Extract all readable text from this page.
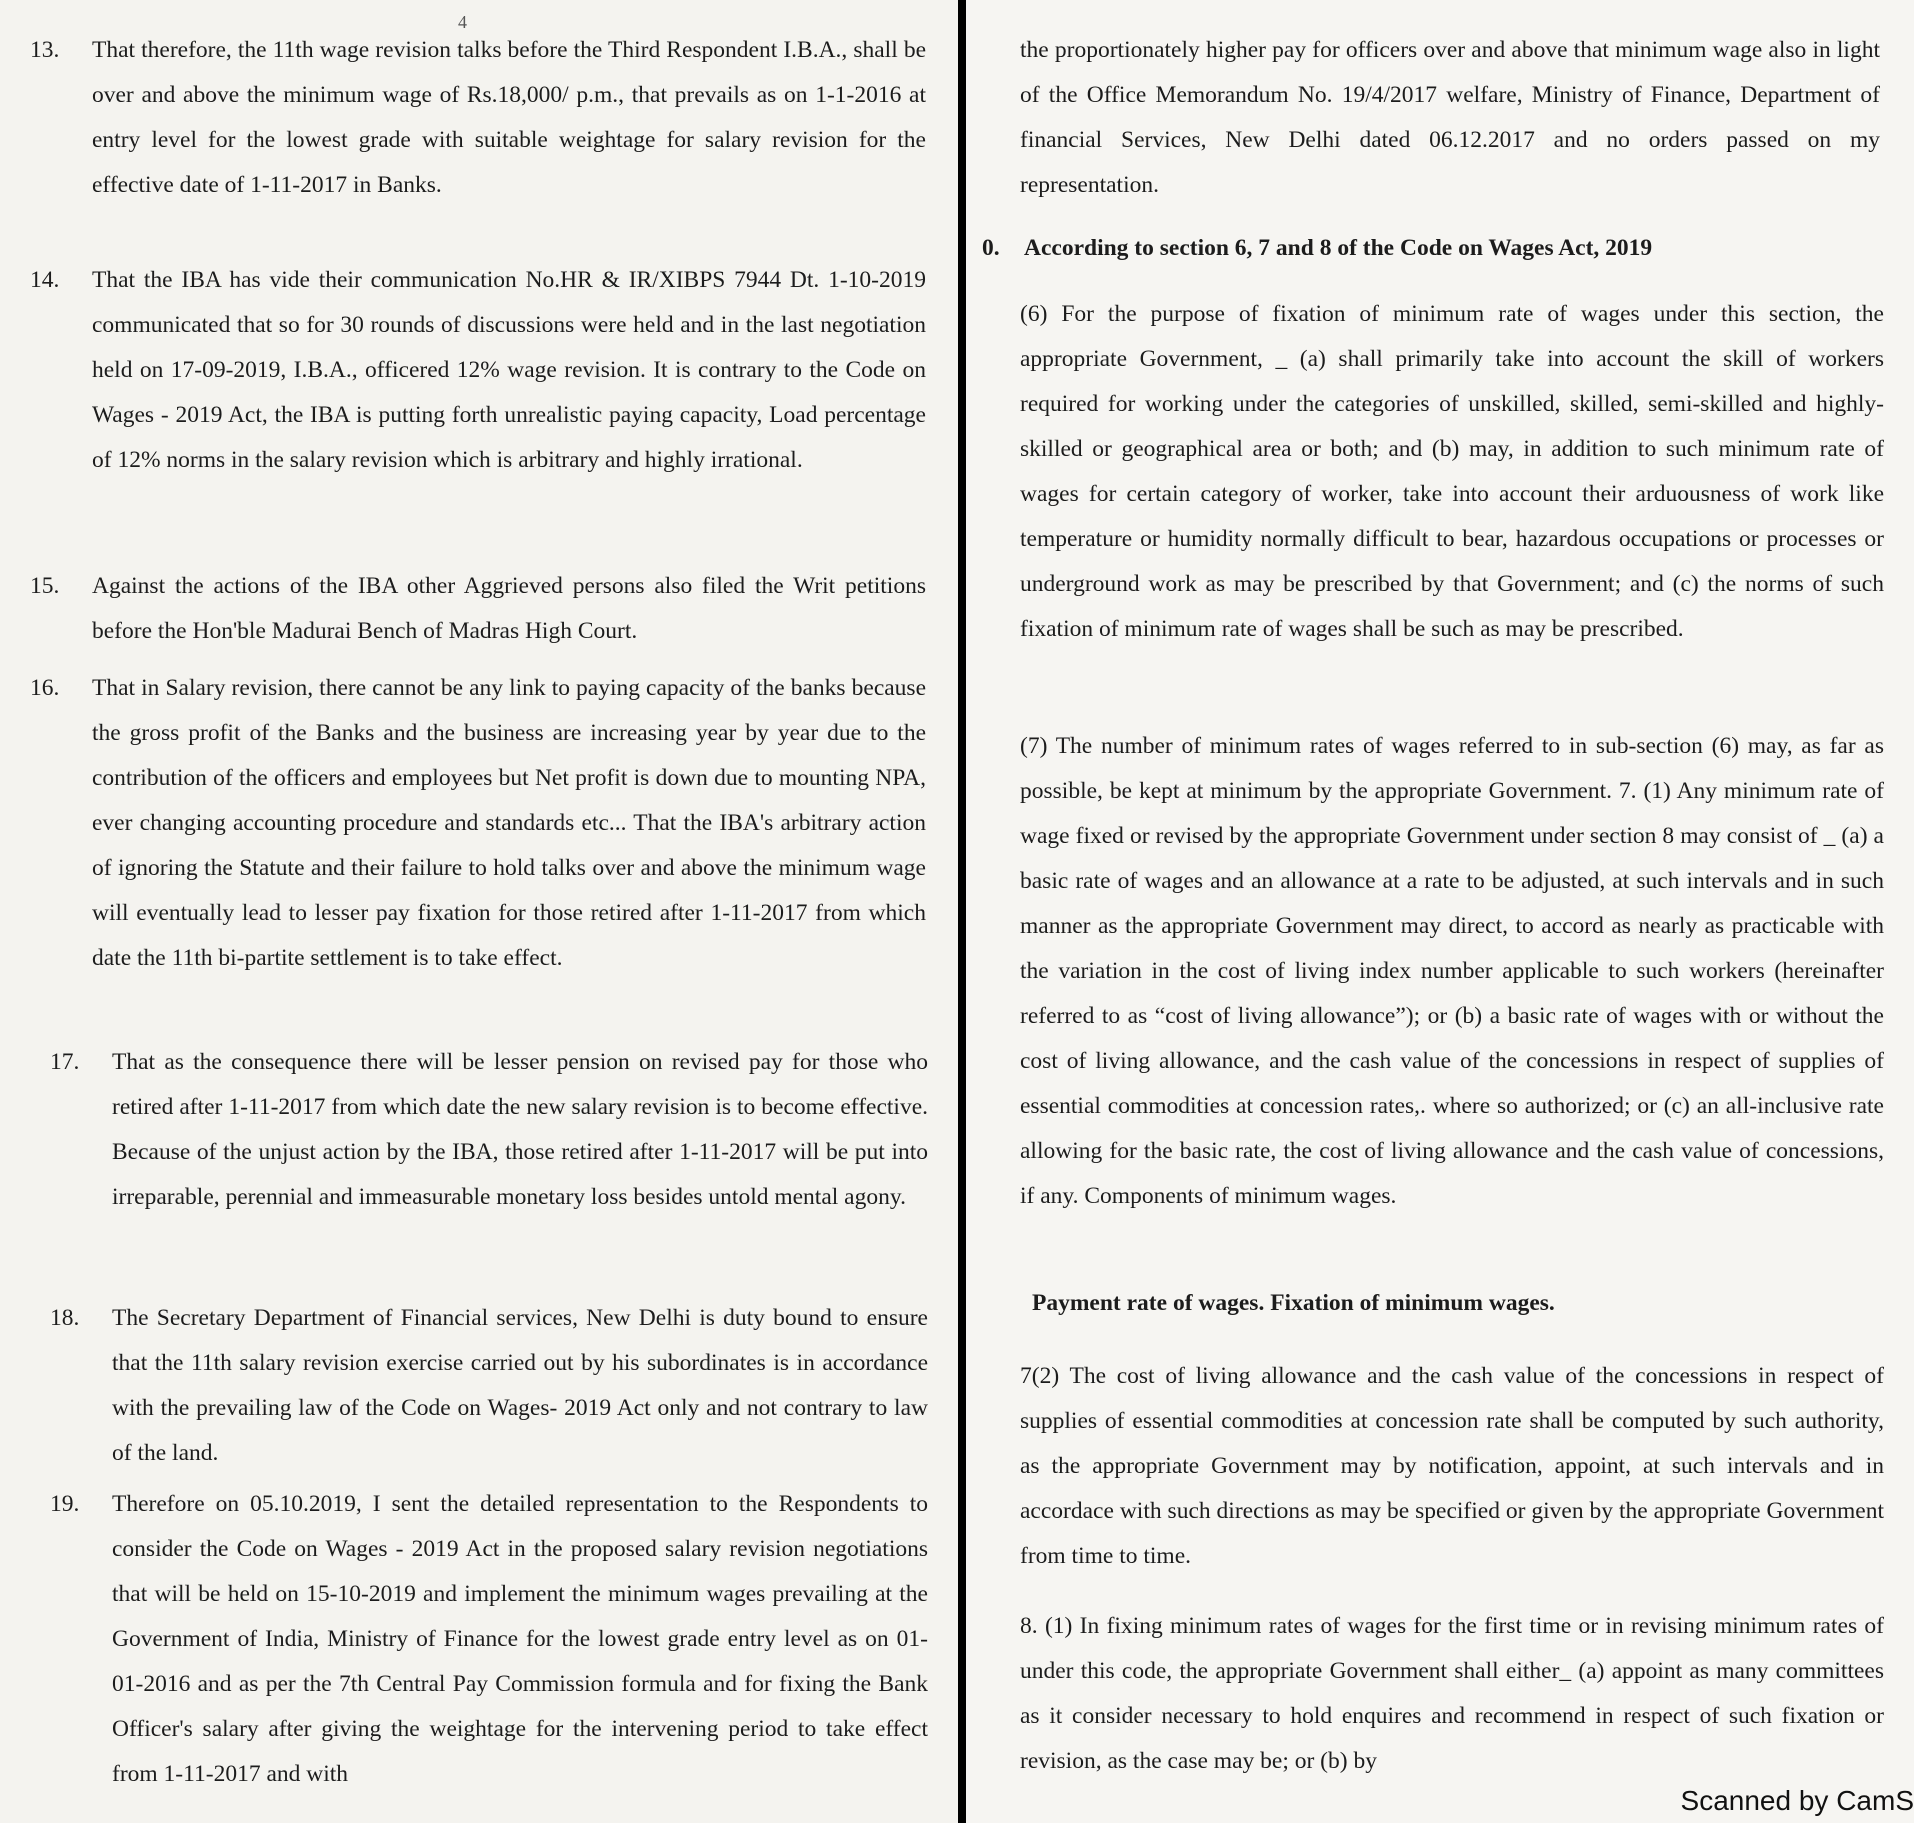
4
13. That therefore, the 11th wage revision talks before the Third Respondent I.B.A., shall be over and above the minimum wage of Rs.18,000/ p.m., that prevails as on 1-1-2016 at entry level for the lowest grade with suitable weightage for salary revision for the effective date of 1-11-2017 in Banks.
14. That the IBA has vide their communication No.HR & IR/XIBPS 7944 Dt. 1-10-2019 communicated that so for 30 rounds of discussions were held and in the last negotiation held on 17-09-2019, I.B.A., officered 12% wage revision. It is contrary to the Code on Wages - 2019 Act, the IBA is putting forth unrealistic paying capacity, Load percentage of 12% norms in the salary revision which is arbitrary and highly irrational.
15. Against the actions of the IBA other Aggrieved persons also filed the Writ petitions before the Hon'ble Madurai Bench of Madras High Court.
16. That in Salary revision, there cannot be any link to paying capacity of the banks because the gross profit of the Banks and the business are increasing year by year due to the contribution of the officers and employees but Net profit is down due to mounting NPA, ever changing accounting procedure and standards etc... That the IBA's arbitrary action of ignoring the Statute and their failure to hold talks over and above the minimum wage will eventually lead to lesser pay fixation for those retired after 1-11-2017 from which date the 11th bi-partite settlement is to take effect.
17. That as the consequence there will be lesser pension on revised pay for those who retired after 1-11-2017 from which date the new salary revision is to become effective. Because of the unjust action by the IBA, those retired after 1-11-2017 will be put into irreparable, perennial and immeasurable monetary loss besides untold mental agony.
18. The Secretary Department of Financial services, New Delhi is duty bound to ensure that the 11th salary revision exercise carried out by his subordinates is in accordance with the prevailing law of the Code on Wages- 2019 Act only and not contrary to law of the land.
19. Therefore on 05.10.2019, I sent the detailed representation to the Respondents to consider the Code on Wages - 2019 Act in the proposed salary revision negotiations that will be held on 15-10-2019 and implement the minimum wages prevailing at the Government of India, Ministry of Finance for the lowest grade entry level as on 01-01-2016 and as per the 7th Central Pay Commission formula and for fixing the Bank Officer's salary after giving the weightage for the intervening period to take effect from 1-11-2017 and with
the proportionately higher pay for officers over and above that minimum wage also in light of the Office Memorandum No. 19/4/2017 welfare, Ministry of Finance, Department of financial Services, New Delhi dated 06.12.2017 and no orders passed on my representation.
0. According to section 6, 7 and 8 of the Code on Wages Act, 2019
(6) For the purpose of fixation of minimum rate of wages under this section, the appropriate Government, _ (a) shall primarily take into account the skill of workers required for working under the categories of unskilled, skilled, semi-skilled and highly-skilled or geographical area or both; and (b) may, in addition to such minimum rate of wages for certain category of worker, take into account their arduousness of work like temperature or humidity normally difficult to bear, hazardous occupations or processes or underground work as may be prescribed by that Government; and (c) the norms of such fixation of minimum rate of wages shall be such as may be prescribed.
(7) The number of minimum rates of wages referred to in sub-section (6) may, as far as possible, be kept at minimum by the appropriate Government. 7. (1) Any minimum rate of wage fixed or revised by the appropriate Government under section 8 may consist of _ (a) a basic rate of wages and an allowance at a rate to be adjusted, at such intervals and in such manner as the appropriate Government may direct, to accord as nearly as practicable with the variation in the cost of living index number applicable to such workers (hereinafter referred to as “cost of living allowance”); or (b) a basic rate of wages with or without the cost of living allowance, and the cash value of the concessions in respect of supplies of essential commodities at concession rates,. where so authorized; or (c) an all-inclusive rate allowing for the basic rate, the cost of living allowance and the cash value of concessions, if any. Components of minimum wages.
Payment rate of wages. Fixation of minimum wages.
7(2) The cost of living allowance and the cash value of the concessions in respect of supplies of essential commodities at concession rate shall be computed by such authority, as the appropriate Government may by notification, appoint, at such intervals and in accordace with such directions as may be specified or given by the appropriate Government from time to time.
8. (1) In fixing minimum rates of wages for the first time or in revising minimum rates of under this code, the appropriate Government shall either_ (a) appoint as many committees as it consider necessary to hold enquires and recommend in respect of such fixation or revision, as the case may be; or (b) by
Scanned by CamS
